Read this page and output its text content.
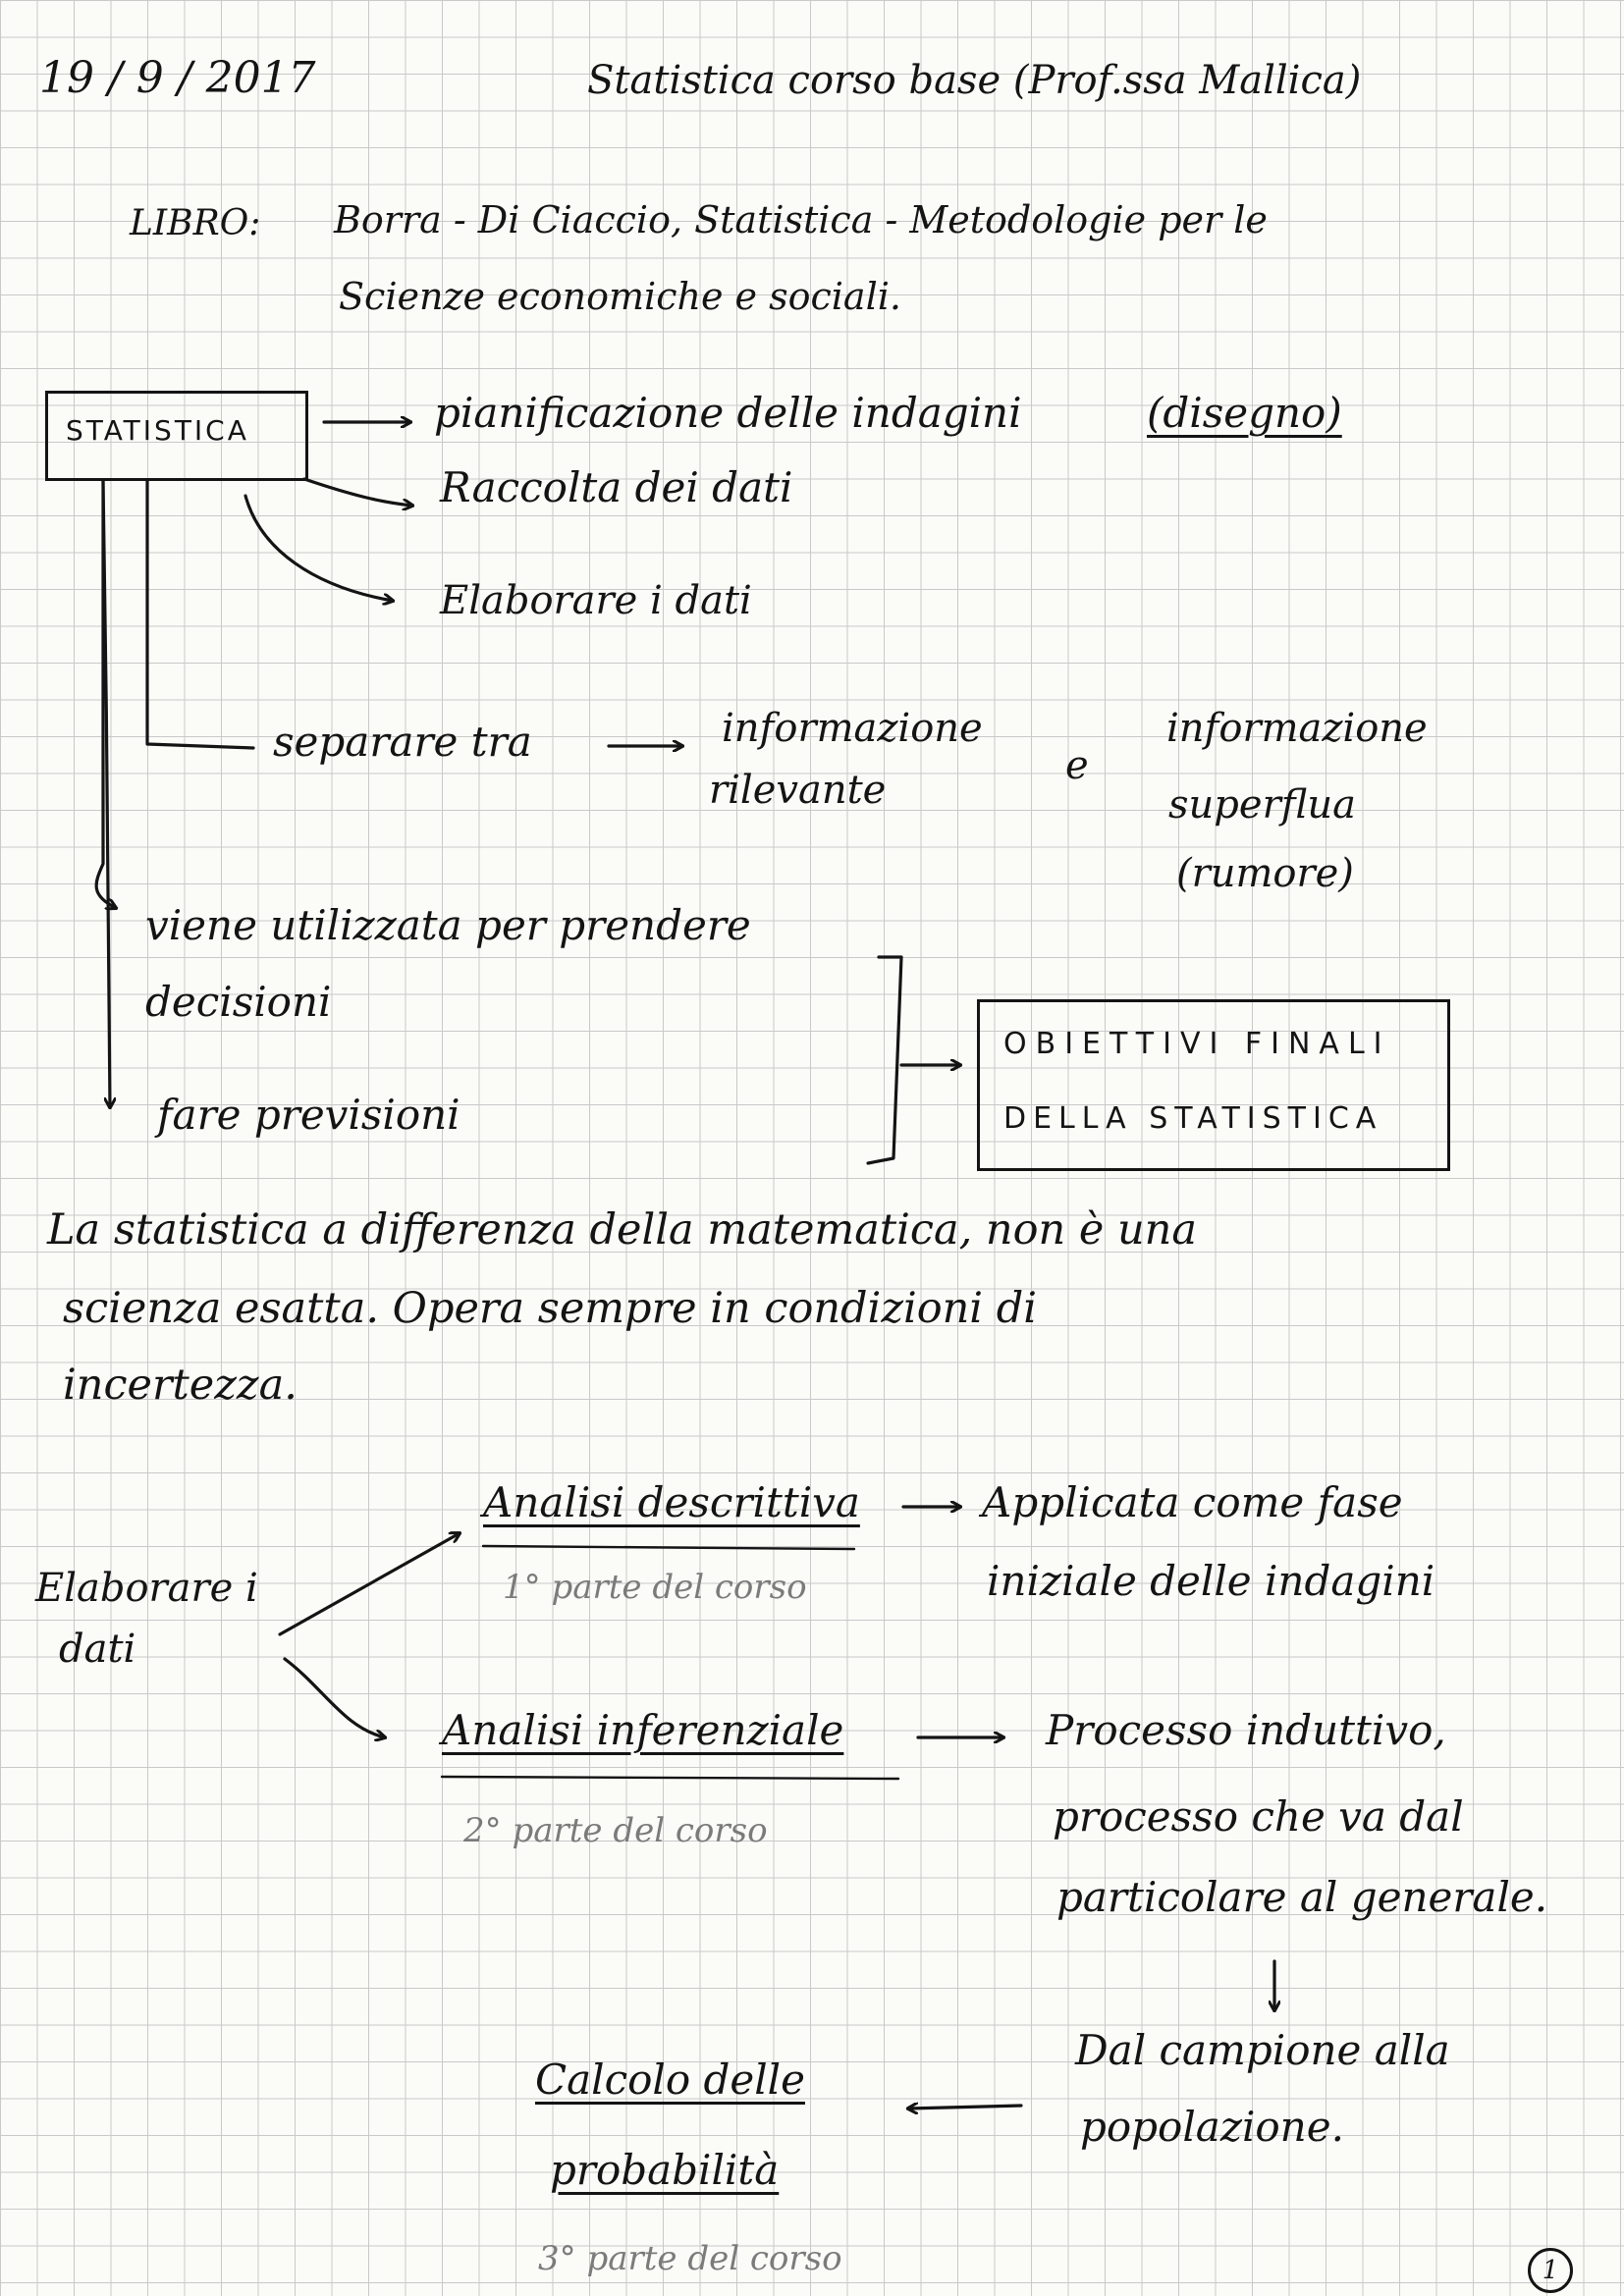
19 / 9 / 2017	Statistica corso base (Prof.ssa Mallica)

LIBRO: Borra - Di Ciaccio, Statistica - Metodologie per le

Scienze economiche e sociali.

STATISTICA	pianificazione delle indagini	(disegno)

Raccolta dei dati

Elaborare i dati

separare tra	informazione

rilevante

e

informazione

superflua

(rumore)

viene utilizzata per prendere

decisioni

fare previsioni

OBIETTIVI FINALI

DELLA STATISTICA

La statistica a differenza della matematica, non è una

scienza esatta. Opera sempre in condizioni di

incertezza.

Elaborare i

dati

Analisi descrittiva

1° parte del corso

Applicata come fase

iniziale delle indagini

Analisi inferenziale

2° parte del corso

Processo induttivo,

processo che va dal

particolare al generale.

Dal campione alla

popolazione.

Calcolo delle

probabilità

3° parte del corso	1
